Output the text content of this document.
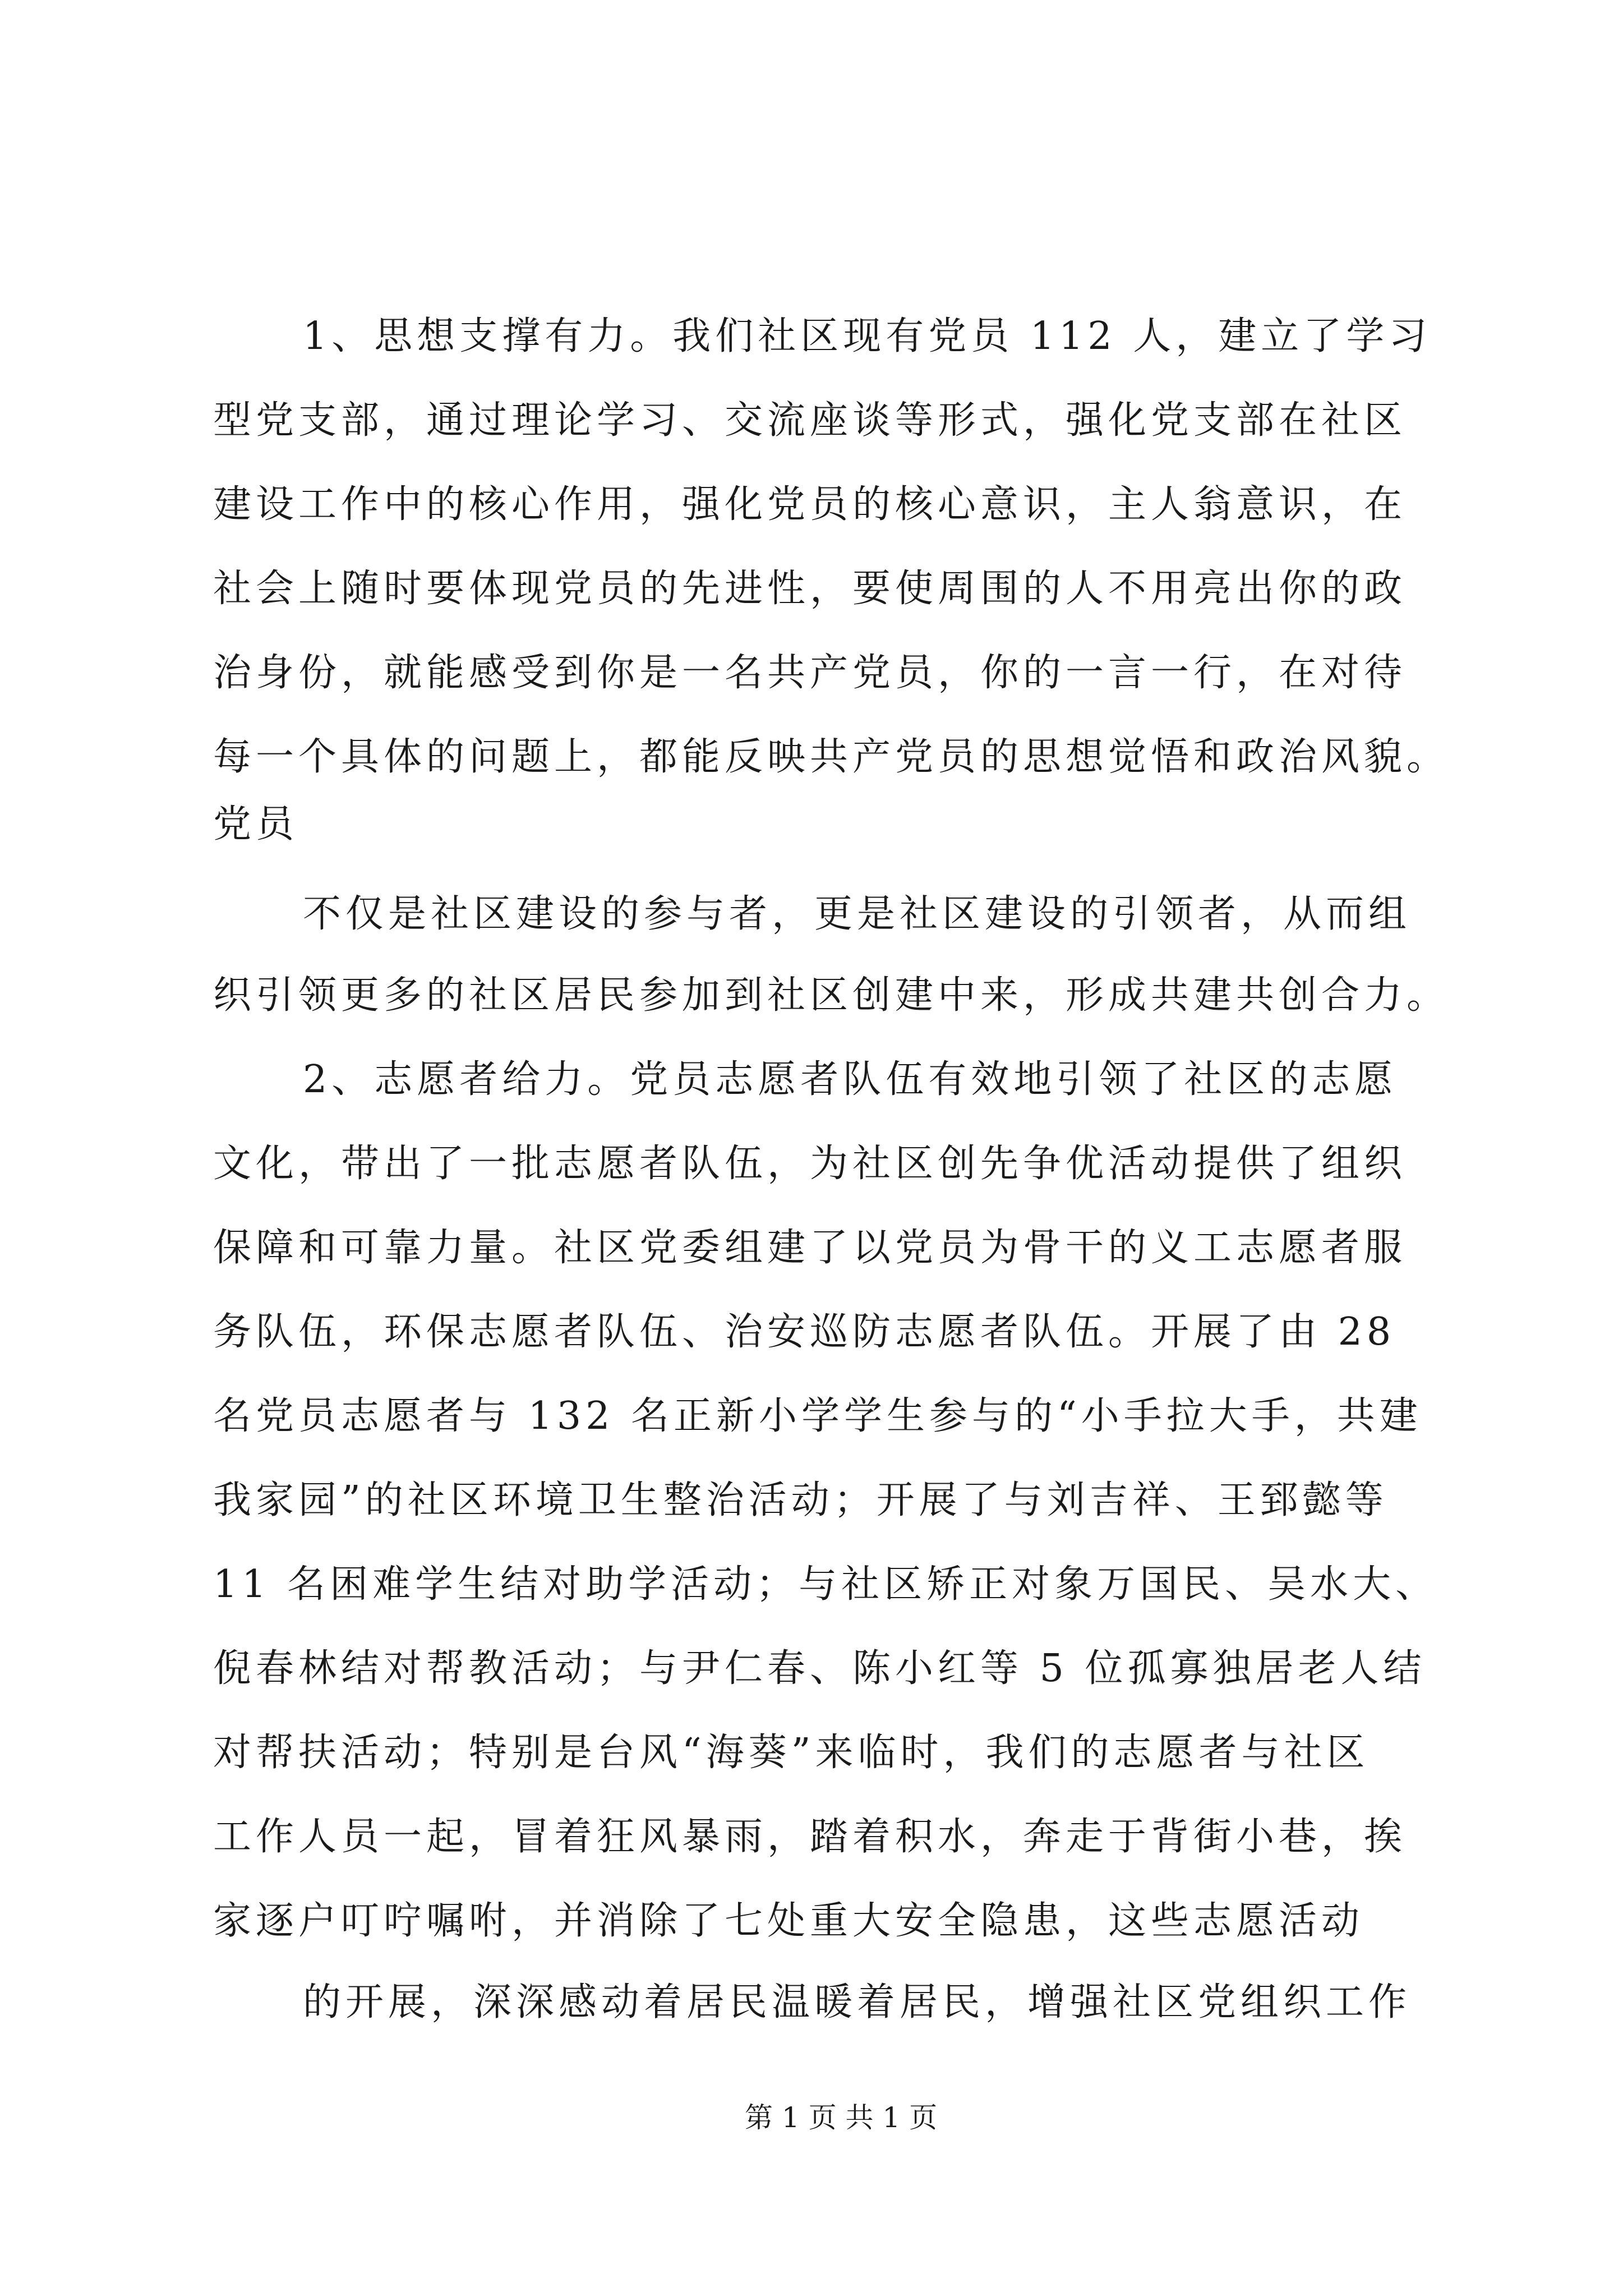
1、思想支撑有力。我们社区现有党员 112 人，建立了学习
型党支部，通过理论学习、交流座谈等形式，强化党支部在社区
建设工作中的核心作用，强化党员的核心意识，主人翁意识，在
社会上随时要体现党员的先进性，要使周围的人不用亮出你的政
治身份，就能感受到你是一名共产党员，你的一言一行，在对待
每一个具体的问题上，都能反映共产党员的思想觉悟和政治风貌。
党员
不仅是社区建设的参与者，更是社区建设的引领者，从而组
织引领更多的社区居民参加到社区创建中来，形成共建共创合力。
2、志愿者给力。党员志愿者队伍有效地引领了社区的志愿
文化，带出了一批志愿者队伍，为社区创先争优活动提供了组织
保障和可靠力量。社区党委组建了以党员为骨干的义工志愿者服
务队伍，环保志愿者队伍、治安巡防志愿者队伍。开展了由 28
名党员志愿者与 132 名正新小学学生参与的“小手拉大手，共建
我家园”的社区环境卫生整治活动；开展了与刘吉祥、王郅懿等
11 名困难学生结对助学活动；与社区矫正对象万国民、吴水大、
倪春林结对帮教活动；与尹仁春、陈小红等 5 位孤寡独居老人结
对帮扶活动；特别是台风“海葵”来临时，我们的志愿者与社区
工作人员一起，冒着狂风暴雨，踏着积水，奔走于背街小巷，挨
家逐户叮咛嘱咐，并消除了七处重大安全隐患，这些志愿活动
的开展，深深感动着居民温暖着居民，增强社区党组织工作
第 1 页 共 1 页
